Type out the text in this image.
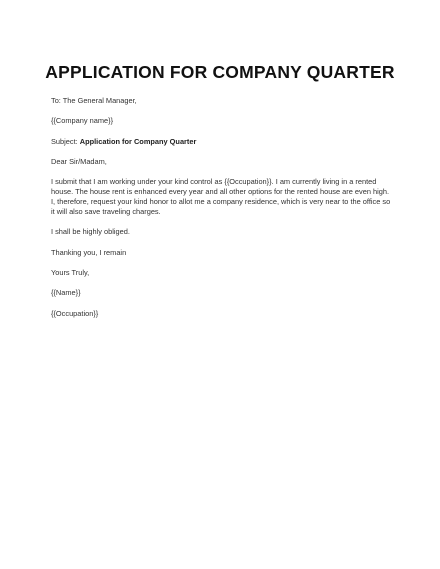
APPLICATION FOR COMPANY QUARTER

To: The General Manager,

{{Company name}}

Subject: Application for Company Quarter

Dear Sir/Madam,

I submit that I am working under your kind control as {{Occupation}}. I am currently living in a rented house. The house rent is enhanced every year and all other options for the rented house are even high. I, therefore, request your kind honor to allot me a company residence, which is very near to the office so it will also save traveling charges.

I shall be highly obliged.

Thanking you, I remain

Yours Truly,

{{Name}}

{{Occupation}}
